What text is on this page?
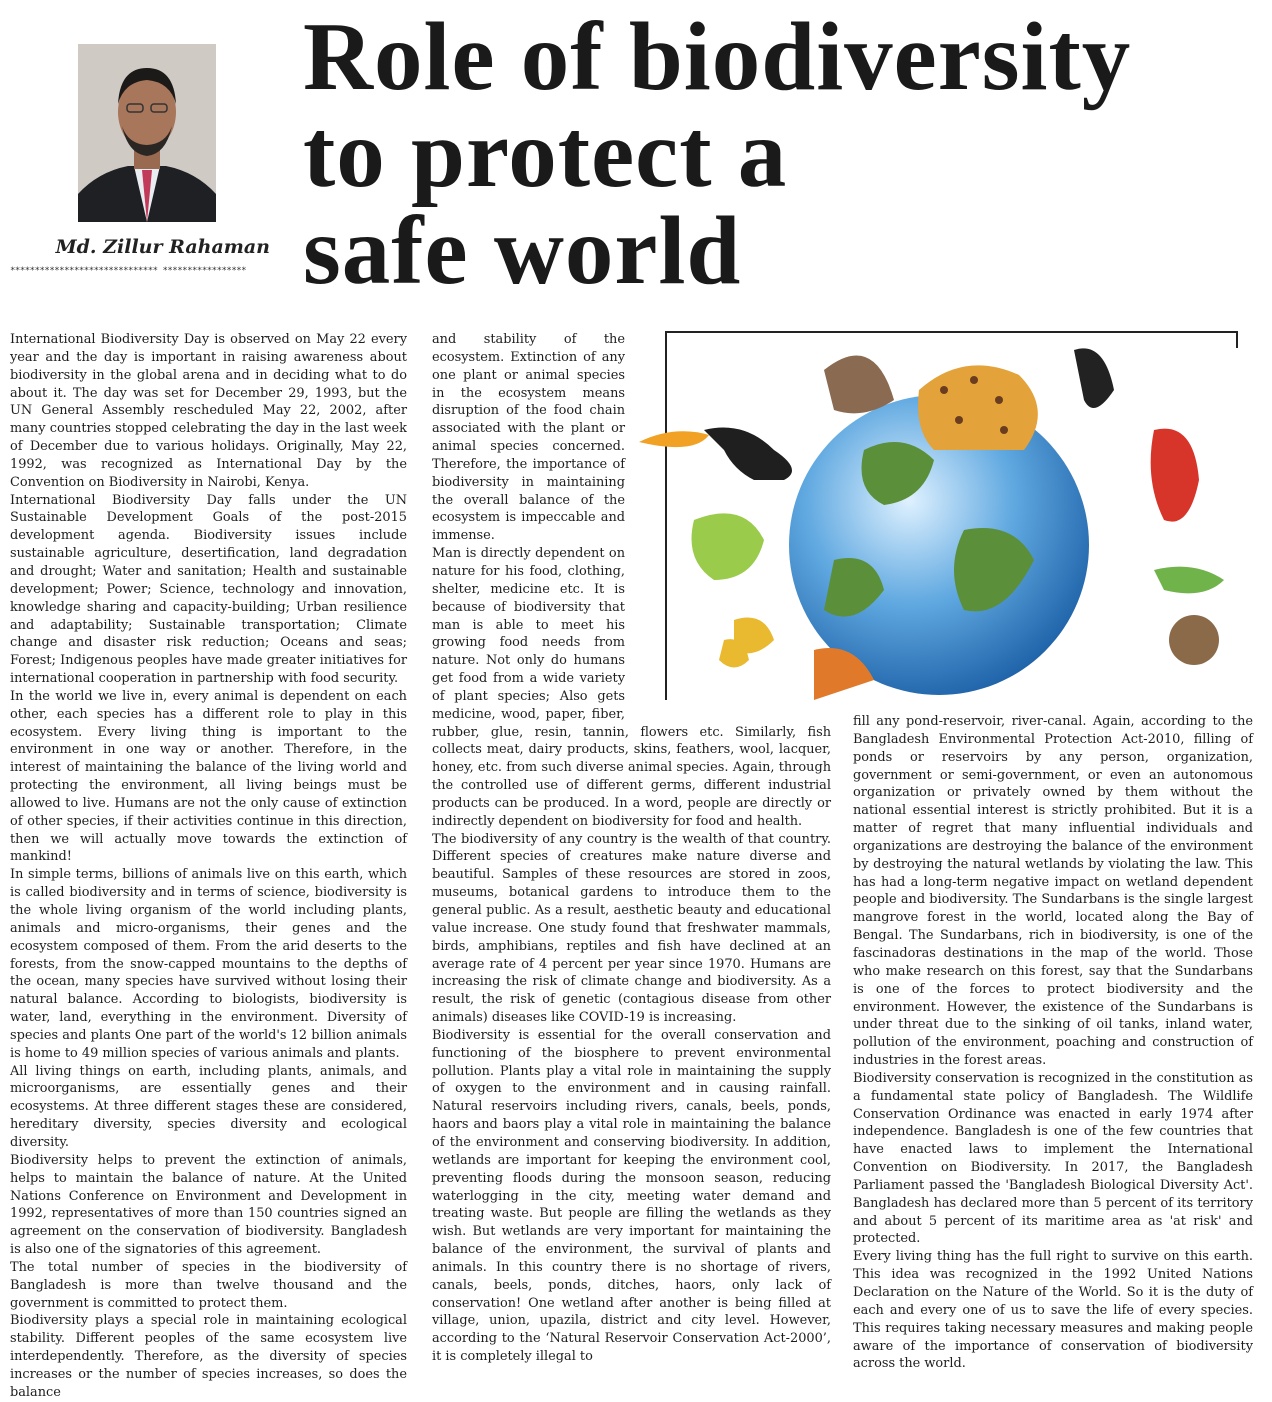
Md. Zillur Rahaman
****************************** *****************
Role of biodiversity
to protect a
safe world

International Biodiversity Day is observed on May 22 every year and the day is important in raising awareness about biodiversity in the global arena and in deciding what to do about it. The day was set for December 29, 1993, but the UN General Assembly rescheduled May 22, 2002, after many countries stopped celebrating the day in the last week of December due to various holidays. Originally, May 22, 1992, was recognized as International Day by the Convention on Biodiversity in Nairobi, Kenya.

International Biodiversity Day falls under the UN Sustainable Development Goals of the post-2015 development agenda. Biodiversity issues include sustainable agriculture, desertification, land degradation and drought; Water and sanitation; Health and sustainable development; Power; Science, technology and innovation, knowledge sharing and capacity-building; Urban resilience and adaptability; Sustainable transportation; Climate change and disaster risk reduction; Oceans and seas; Forest; Indigenous peoples have made greater initiatives for international cooperation in partnership with food security.

In the world we live in, every animal is dependent on each other, each species has a different role to play in this ecosystem. Every living thing is important to the environment in one way or another. Therefore, in the interest of maintaining the balance of the living world and protecting the environment, all living beings must be allowed to live. Humans are not the only cause of extinction of other species, if their activities continue in this direction, then we will actually move towards the extinction of mankind!

In simple terms, billions of animals live on this earth, which is called biodiversity and in terms of science, biodiversity is the whole living organism of the world including plants, animals and micro-organisms, their genes and the ecosystem composed of them. From the arid deserts to the forests, from the snow-capped mountains to the depths of the ocean, many species have survived without losing their natural balance. According to biologists, biodiversity is water, land, everything in the environment. Diversity of species and plants One part of the world's 12 billion animals is home to 49 million species of various animals and plants.

All living things on earth, including plants, animals, and microorganisms, are essentially genes and their ecosystems. At three different stages these are considered, hereditary diversity, species diversity and ecological diversity.

Biodiversity helps to prevent the extinction of animals, helps to maintain the balance of nature. At the United Nations Conference on Environment and Development in 1992, representatives of more than 150 countries signed an agreement on the conservation of biodiversity. Bangladesh is also one of the signatories of this agreement.

The total number of species in the biodiversity of Bangladesh is more than twelve thousand and the government is committed to protect them.

Biodiversity plays a special role in maintaining ecological stability. Different peoples of the same ecosystem live interdependently. Therefore, as the diversity of species increases or the number of species increases, so does the balance

and stability of the ecosystem. Extinction of any one plant or animal species in the ecosystem means disruption of the food chain associated with the plant or animal species concerned. Therefore, the importance of biodiversity in maintaining the overall balance of the ecosystem is impeccable and immense.

Man is directly dependent on nature for his food, clothing, shelter, medicine etc. It is because of biodiversity that man is able to meet his growing food needs from nature. Not only do humans get food from a wide variety of plant species; Also gets medicine, wood, paper, fiber, rubber, glue, resin, tannin, flowers etc. Similarly, fish collects meat, dairy products, skins, feathers, wool, lacquer, honey, etc. from such diverse animal species. Again, through the controlled use of different germs, different industrial products can be produced. In a word, people are directly or indirectly dependent on biodiversity for food and health.

The biodiversity of any country is the wealth of that country. Different species of creatures make nature diverse and beautiful. Samples of these resources are stored in zoos, museums, botanical gardens to introduce them to the general public. As a result, aesthetic beauty and educational value increase. One study found that freshwater mammals, birds, amphibians, reptiles and fish have declined at an average rate of 4 percent per year since 1970. Humans are increasing the risk of climate change and biodiversity. As a result, the risk of genetic (contagious disease from other animals) diseases like COVID-19 is increasing.

Biodiversity is essential for the overall conservation and functioning of the biosphere to prevent environmental pollution. Plants play a vital role in maintaining the supply of oxygen to the environment and in causing rainfall. Natural reservoirs including rivers, canals, beels, ponds, haors and baors play a vital role in maintaining the balance of the environment and conserving biodiversity. In addition, wetlands are important for keeping the environment cool, preventing floods during the monsoon season, reducing waterlogging in the city, meeting water demand and treating waste. But people are filling the wetlands as they wish. But wetlands are very important for maintaining the balance of the environment, the survival of plants and animals. In this country there is no shortage of rivers, canals, beels, ponds, ditches, haors, only lack of conservation! One wetland after another is being filled at village, union, upazila, district and city level. However, according to the ‘Natural Reservoir Conservation Act-2000’, it is completely illegal to

fill any pond-reservoir, river-canal. Again, according to the Bangladesh Environmental Protection Act-2010, filling of ponds or reservoirs by any person, organization, government or semi-government, or even an autonomous organization or privately owned by them without the national essential interest is strictly prohibited. But it is a matter of regret that many influential individuals and organizations are destroying the balance of the environment by destroying the natural wetlands by violating the law. This has had a long-term negative impact on wetland dependent people and biodiversity. The Sundarbans is the single largest mangrove forest in the world, located along the Bay of Bengal. The Sundarbans, rich in biodiversity, is one of the fascinadoras destinations in the map of the world. Those who make research on this forest, say that the Sundarbans is one of the forces to protect biodiversity and the environment. However, the existence of the Sundarbans is under threat due to the sinking of oil tanks, inland water, pollution of the environment, poaching and construction of industries in the forest areas.

Biodiversity conservation is recognized in the constitution as a fundamental state policy of Bangladesh. The Wildlife Conservation Ordinance was enacted in early 1974 after independence. Bangladesh is one of the few countries that have enacted laws to implement the International Convention on Biodiversity. In 2017, the Bangladesh Parliament passed the 'Bangladesh Biological Diversity Act'. Bangladesh has declared more than 5 percent of its territory and about 5 percent of its maritime area as 'at risk' and protected.

Every living thing has the full right to survive on this earth. This idea was recognized in the 1992 United Nations Declaration on the Nature of the World. So it is the duty of each and every one of us to save the life of every species. This requires taking necessary measures and making people aware of the importance of conservation of biodiversity across the world.
